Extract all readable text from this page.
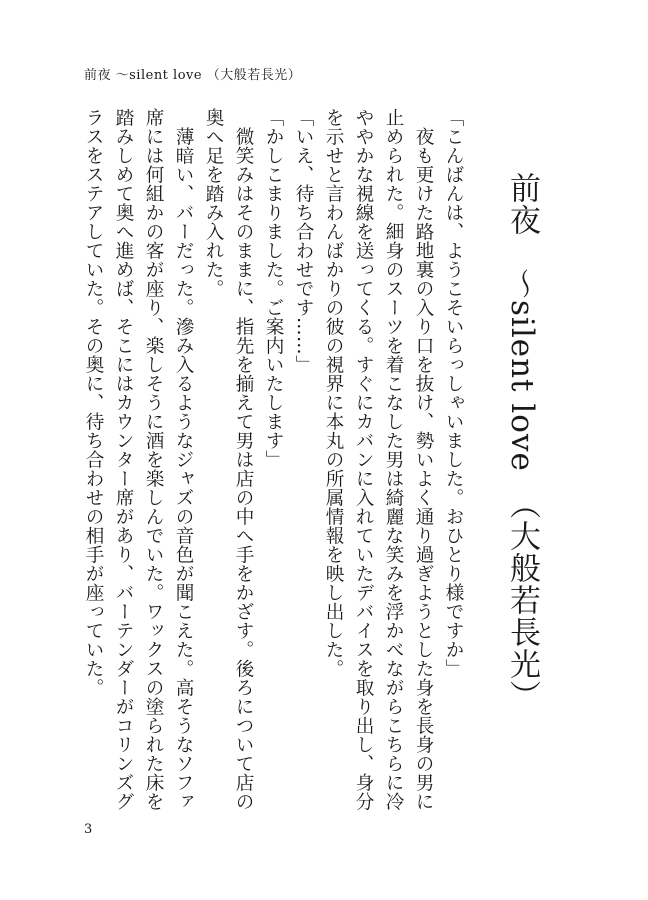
前夜 〜silent love （大般若長光）
前夜　〜silent love　（大般若長光）

「こんばんは、ようこそいらっしゃいました。おひとり様ですか」

　夜も更けた路地裏の入り口を抜け、勢いよく通り過ぎようとした身を長身の男に止められた。細身のスーツを着こなした男は綺麗な笑みを浮かべながらこちらに冷ややかな視線を送ってくる。すぐにカバンに入れていたデバイスを取り出し、身分を示せと言わんばかりの彼の視界に本丸の所属情報を映し出した。

「いえ、待ち合わせです……」

「かしこまりました。ご案内いたします」

　微笑みはそのままに、指先を揃えて男は店の中へ手をかざす。後ろについて店の奥へ足を踏み入れた。

　薄暗い、バーだった。滲み入るようなジャズの音色が聞こえた。高そうなソファ席には何組かの客が座り、楽しそうに酒を楽しんでいた。ワックスの塗られた床を踏みしめて奥へ進めば、そこにはカウンター席があり、バーテンダーがコリンズグラスをステアしていた。その奥に、待ち合わせの相手が座っていた。

3
